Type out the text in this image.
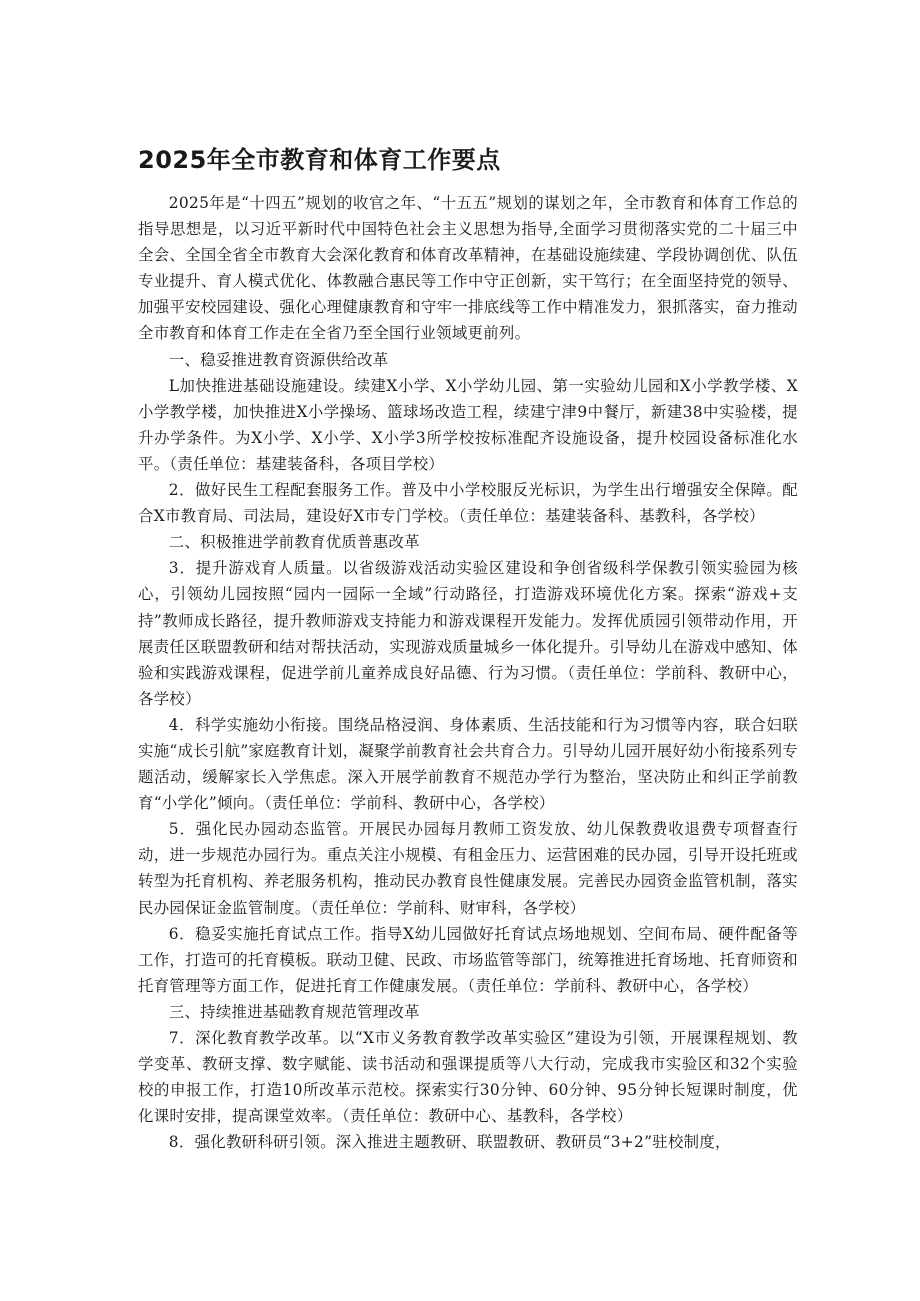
2025年全市教育和体育工作要点

2025年是“十四五”规划的收官之年、“十五五”规划的谋划之年，全市教育和体育工作总的指导思想是，以习近平新时代中国特色社会主义思想为指导,全面学习贯彻落实党的二十届三中全会、全国全省全市教育大会深化教育和体育改革精神，在基础设施续建、学段协调创优、队伍专业提升、育人模式优化、体教融合惠民等工作中守正创新，实干笃行；在全面坚持党的领导、加强平安校园建设、强化心理健康教育和守牢一排底线等工作中精准发力，狠抓落实，奋力推动全市教育和体育工作走在全省乃至全国行业领域更前列。

一、稳妥推进教育资源供给改革

L加快推进基础设施建设。续建X小学、X小学幼儿园、第一实验幼儿园和X小学教学楼、X小学教学楼，加快推进X小学操场、篮球场改造工程，续建宁津9中餐厅，新建38中实验楼，提升办学条件。为X小学、X小学、X小学3所学校按标准配齐设施设备，提升校园设备标准化水平。（责任单位：基建装备科，各项目学校）

2．做好民生工程配套服务工作。普及中小学校服反光标识，为学生出行增强安全保障。配合X市教育局、司法局，建设好X市专门学校。（责任单位：基建装备科、基教科，各学校）

二、积极推进学前教育优质普惠改革

3．提升游戏育人质量。以省级游戏活动实验区建设和争创省级科学保教引领实验园为核心，引领幼儿园按照“园内一园际一全域”行动路径，打造游戏环境优化方案。探索“游戏+支持”教师成长路径，提升教师游戏支持能力和游戏课程开发能力。发挥优质园引领带动作用，开展责任区联盟教研和结对帮扶活动，实现游戏质量城乡一体化提升。引导幼儿在游戏中感知、体验和实践游戏课程，促进学前儿童养成良好品德、行为习惯。（责任单位：学前科、教研中心，各学校）

4．科学实施幼小衔接。围绕品格浸润、身体素质、生活技能和行为习惯等内容，联合妇联实施“成长引航”家庭教育计划，凝聚学前教育社会共育合力。引导幼儿园开展好幼小衔接系列专题活动，缓解家长入学焦虑。深入开展学前教育不规范办学行为整治，坚决防止和纠正学前教育“小学化”倾向。（责任单位：学前科、教研中心，各学校）

5．强化民办园动态监管。开展民办园每月教师工资发放、幼儿保教费收退费专项督查行动，进一步规范办园行为。重点关注小规模、有租金压力、运营困难的民办园，引导开设托班或转型为托育机构、养老服务机构，推动民办教育良性健康发展。完善民办园资金监管机制，落实民办园保证金监管制度。（责任单位：学前科、财审科，各学校）

6．稳妥实施托育试点工作。指导X幼儿园做好托育试点场地规划、空间布局、硬件配备等工作，打造可的托育模板。联动卫健、民政、市场监管等部门，统筹推进托育场地、托育师资和托育管理等方面工作，促进托育工作健康发展。（责任单位：学前科、教研中心，各学校）

三、持续推进基础教育规范管理改革

7．深化教育教学改革。以“X市义务教育教学改革实验区”建设为引领，开展课程规划、教学变革、教研支撑、数字赋能、读书活动和强课提质等八大行动，完成我市实验区和32个实验校的申报工作，打造10所改革示范校。探索实行30分钟、60分钟、95分钟长短课时制度，优化课时安排，提高课堂效率。（责任单位：教研中心、基教科，各学校）

8．强化教研科研引领。深入推进主题教研、联盟教研、教研员“3+2”驻校制度，
